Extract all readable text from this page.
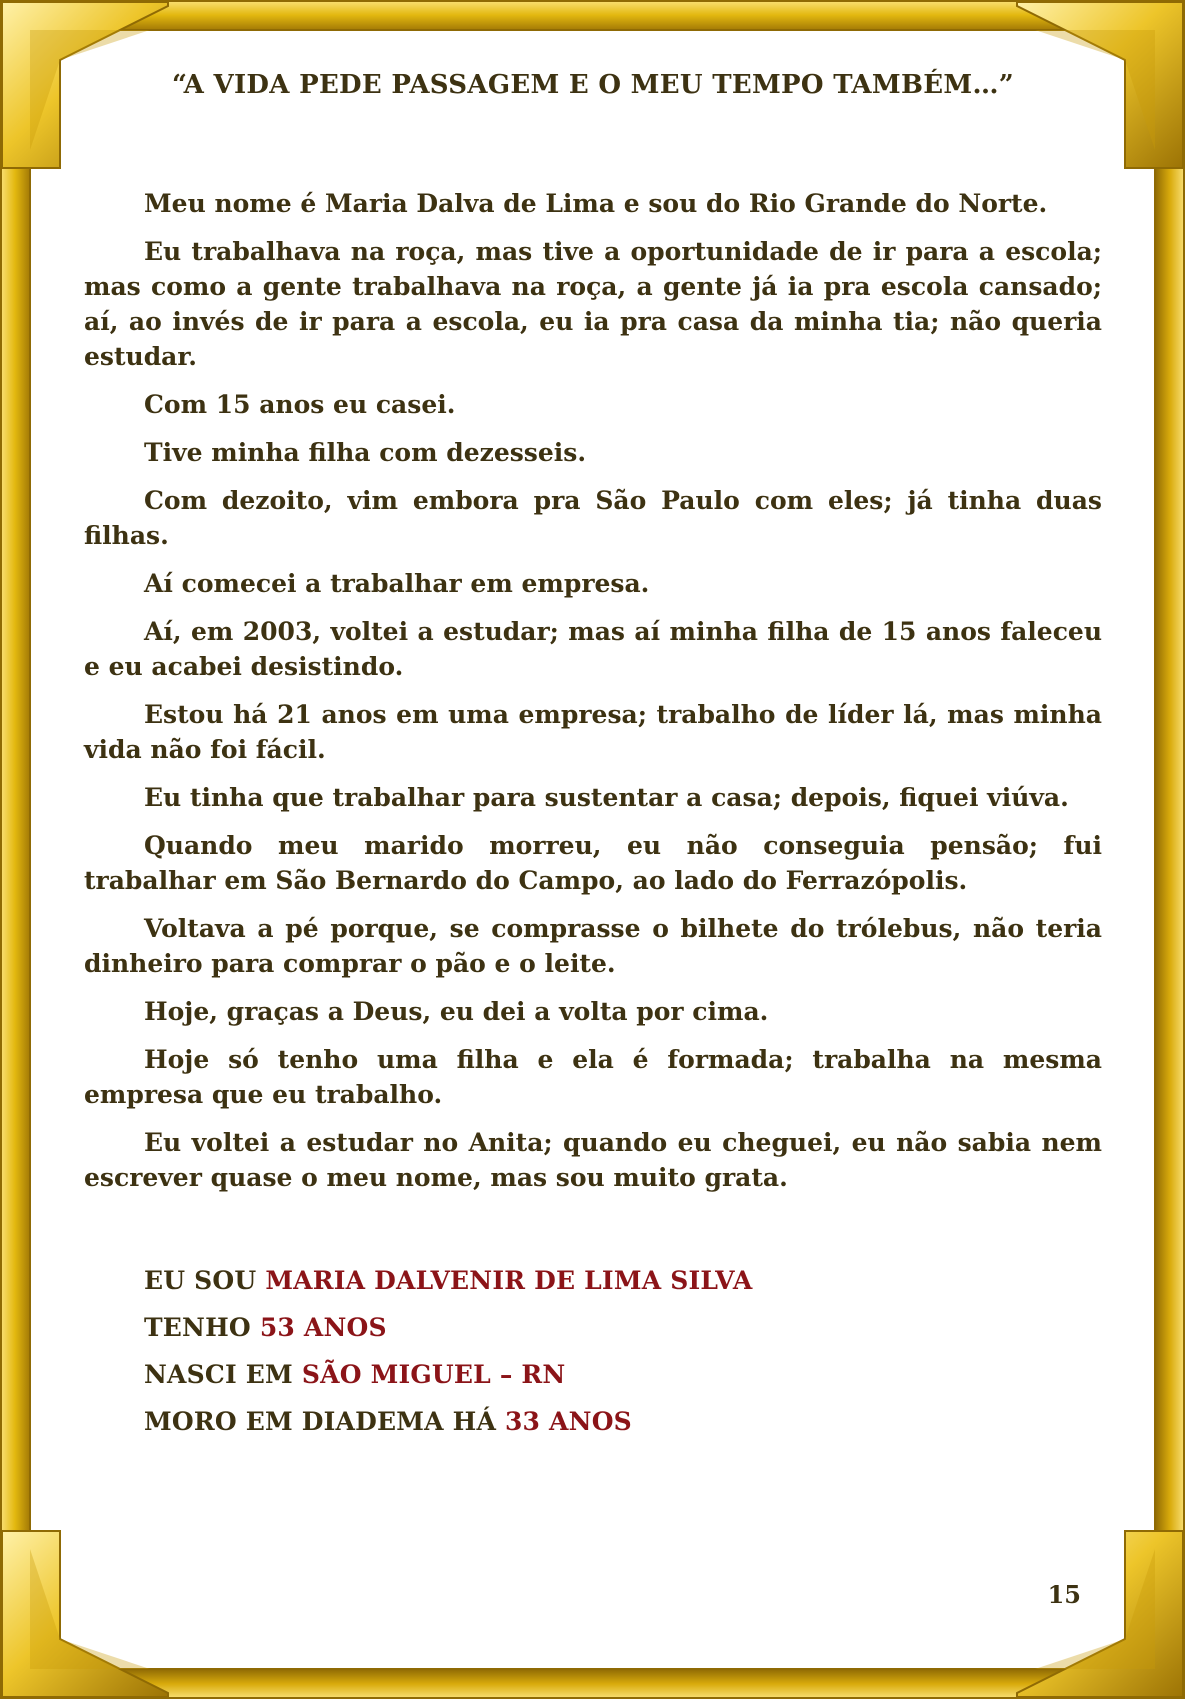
“A VIDA PEDE PASSAGEM E O MEU TEMPO TAMBÉM…”

Meu nome é Maria Dalva de Lima e sou do Rio Grande do Norte.

Eu trabalhava na roça, mas tive a oportunidade de ir para a escola; mas como a gente trabalhava na roça, a gente já ia pra escola cansado; aí, ao invés de ir para a escola, eu ia pra casa da minha tia; não queria estudar.

Com 15 anos eu casei.

Tive minha filha com dezesseis.

Com dezoito, vim embora pra São Paulo com eles; já tinha duas filhas.

Aí comecei a trabalhar em empresa.

Aí, em 2003, voltei a estudar; mas aí minha filha de 15 anos faleceu e eu acabei desistindo.

Estou há 21 anos em uma empresa; trabalho de líder lá, mas minha vida não foi fácil.

Eu tinha que trabalhar para sustentar a casa; depois, fiquei viúva.

Quando meu marido morreu, eu não conseguia pensão; fui trabalhar em São Bernardo do Campo, ao lado do Ferrazópolis.

Voltava a pé porque, se comprasse o bilhete do trólebus, não teria dinheiro para comprar o pão e o leite.

Hoje, graças a Deus, eu dei a volta por cima.

Hoje só tenho uma filha e ela é formada; trabalha na mesma empresa que eu trabalho.

Eu voltei a estudar no Anita; quando eu cheguei, eu não sabia nem escrever quase o meu nome, mas sou muito grata.

EU SOU MARIA DALVENIR DE LIMA SILVA
TENHO 53 ANOS
NASCI EM SÃO MIGUEL – RN
MORO EM DIADEMA HÁ 33 ANOS
15
